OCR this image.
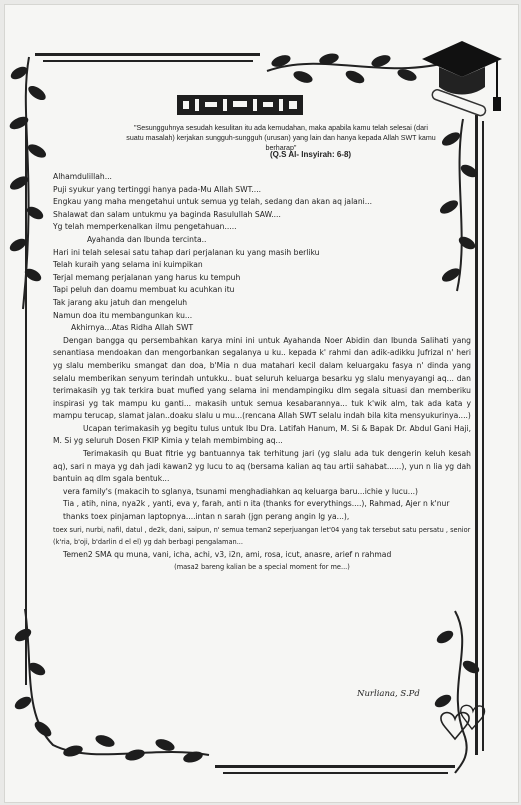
"Sesungguhnya sesudah kesulitan itu ada kemudahan, maka apabila kamu telah selesai (dari suatu masalah) kerjakan sungguh-sungguh (urusan) yang lain dan hanya kepada Allah SWT kamu berharap"
(Q.S Al- Insyirah: 6-8)
Alhamdulillah...
Puji syukur yang tertinggi hanya pada-Mu Allah SWT....
Engkau yang maha mengetahui untuk semua yg telah, sedang dan akan aq jalani...
Shalawat dan salam untukmu ya baginda Rasulullah SAW....
Yg telah memperkenalkan ilmu pengetahuan.....
Ayahanda dan Ibunda tercinta..
Hari ini telah selesai satu tahap dari perjalanan ku yang masih berliku
Telah kuraih yang selama ini kuimpikan
Terjal memang perjalanan yang harus ku tempuh
Tapi peluh dan doamu membuat ku acuhkan itu
Tak jarang aku jatuh dan mengeluh
Namun doa itu membangunkan ku...
Akhirnya...Atas Ridha Allah SWT
Dengan bangga qu persembahkan karya mini ini untuk Ayahanda Noer Abidin dan Ibunda Salihati yang senantiasa mendoakan dan mengorbankan segalanya u ku.. kepada k' rahmi dan adik-adikku Jufrizal n' heri yg slalu memberiku smangat dan doa, b'Mia n dua matahari kecil dalam keluargaku fasya n' dinda yang selalu memberikan senyum terindah untukku.. buat seluruh keluarga besarku yg slalu menyayangi aq... dan terimakasih yg tak terkira buat mufied yang selama ini mendampingiku dlm segala situasi dan memberiku inspirasi yg tak mampu ku ganti... makasih untuk semua kesabarannya... tuk k'wik alm, tak ada kata y mampu terucap, slamat jalan..doaku slalu u mu...(rencana Allah SWT selalu indah bila kita mensyukurinya....)
Ucapan terimakasih yg begitu tulus untuk Ibu Dra. Latifah Hanum, M. Si & Bapak Dr. Abdul Gani Haji, M. Si yg seluruh Dosen FKIP Kimia y telah membimbing aq...
Terimakasih qu Buat fitrie yg bantuannya tak terhitung jari (yg slalu ada tuk dengerin keluh kesah aq), sari n maya yg dah jadi kawan2 yg lucu to aq (bersama kalian aq tau artii sahabat......), yun n lia yg dah bantuin aq dlm sgala bentuk...
vera family's (makacih to sglanya, tsunami menghadiahkan aq keluarga baru...ichie y lucu...)
Tia , atih, nina, nya2k , yanti, eva y, farah, anti n ita (thanks for everythings....), Rahmad, Ajer n k'nur thanks toex pinjaman laptopnya....intan n sarah (jgn perang angin lg ya...),
toex suri, nurbi, nafil, datul , de2k, dani, saipun, n' semua teman2 seperjuangan let'04 yang tak tersebut satu persatu , senior (k'ria, b'oji, b'darlin d el el) yg dah berbagi pengalaman...
Temen2 SMA qu muna, vani, icha, achi, v3, i2n, ami, rosa, icut, anasre, arief n rahmad
(masa2 bareng kalian be a special moment for me...)
Nurliana, S.Pd
